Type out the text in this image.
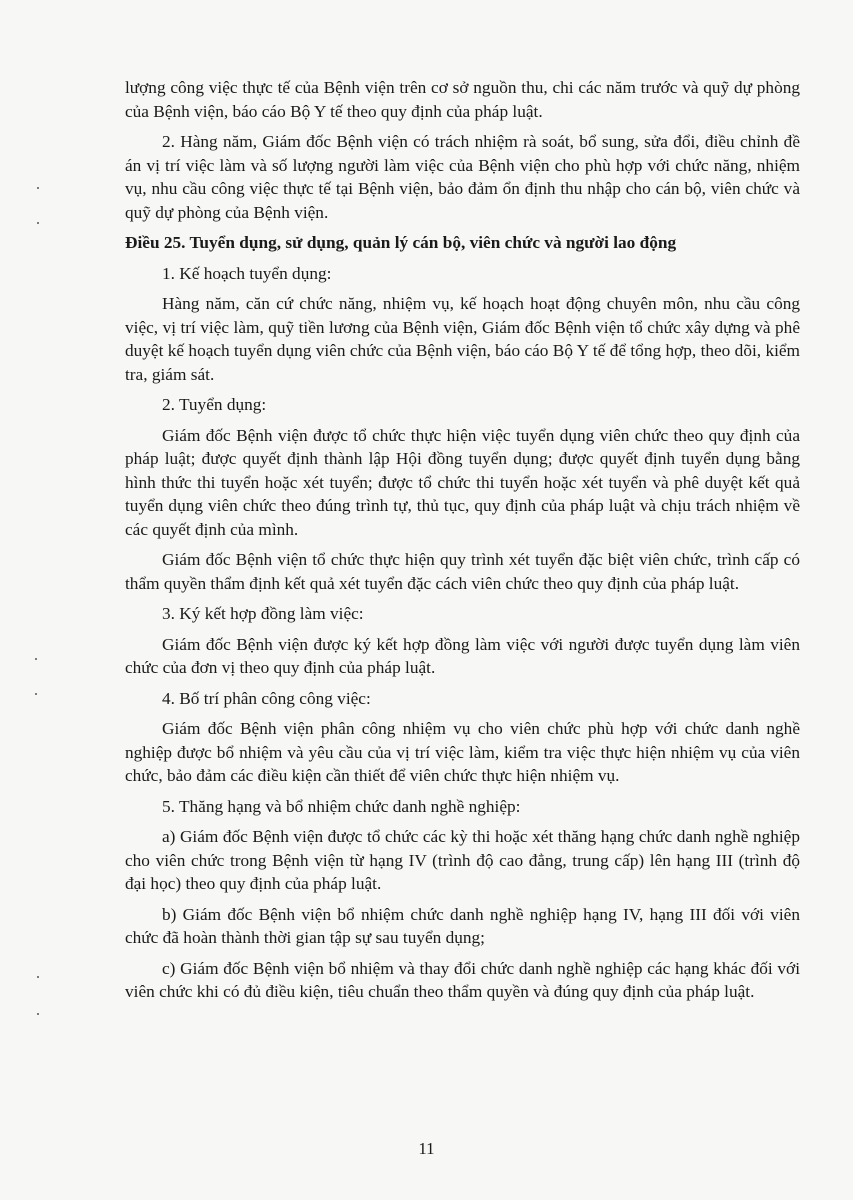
lượng công việc thực tế của Bệnh viện trên cơ sở nguồn thu, chi các năm trước và quỹ dự phòng của Bệnh viện, báo cáo Bộ Y tế theo quy định của pháp luật.

2. Hàng năm, Giám đốc Bệnh viện có trách nhiệm rà soát, bổ sung, sửa đổi, điều chỉnh đề án vị trí việc làm và số lượng người làm việc của Bệnh viện cho phù hợp với chức năng, nhiệm vụ, nhu cầu công việc thực tế tại Bệnh viện, bảo đảm ổn định thu nhập cho cán bộ, viên chức và quỹ dự phòng của Bệnh viện.

Điều 25. Tuyển dụng, sử dụng, quản lý cán bộ, viên chức và người lao động

1. Kế hoạch tuyển dụng:

Hàng năm, căn cứ chức năng, nhiệm vụ, kế hoạch hoạt động chuyên môn, nhu cầu công việc, vị trí việc làm, quỹ tiền lương của Bệnh viện, Giám đốc Bệnh viện tổ chức xây dựng và phê duyệt kế hoạch tuyển dụng viên chức của Bệnh viện, báo cáo Bộ Y tế để tổng hợp, theo dõi, kiểm tra, giám sát.

2. Tuyển dụng:

Giám đốc Bệnh viện được tổ chức thực hiện việc tuyển dụng viên chức theo quy định của pháp luật; được quyết định thành lập Hội đồng tuyển dụng; được quyết định tuyển dụng bằng hình thức thi tuyển hoặc xét tuyển; được tổ chức thi tuyển hoặc xét tuyển và phê duyệt kết quả tuyển dụng viên chức theo đúng trình tự, thủ tục, quy định của pháp luật và chịu trách nhiệm về các quyết định của mình.

Giám đốc Bệnh viện tổ chức thực hiện quy trình xét tuyển đặc biệt viên chức, trình cấp có thẩm quyền thẩm định kết quả xét tuyển đặc cách viên chức theo quy định của pháp luật.

3. Ký kết hợp đồng làm việc:

Giám đốc Bệnh viện được ký kết hợp đồng làm việc với người được tuyển dụng làm viên chức của đơn vị theo quy định của pháp luật.

4. Bố trí phân công công việc:

Giám đốc Bệnh viện phân công nhiệm vụ cho viên chức phù hợp với chức danh nghề nghiệp được bổ nhiệm và yêu cầu của vị trí việc làm, kiểm tra việc thực hiện nhiệm vụ của viên chức, bảo đảm các điều kiện cần thiết để viên chức thực hiện nhiệm vụ.

5. Thăng hạng và bổ nhiệm chức danh nghề nghiệp:

a) Giám đốc Bệnh viện được tổ chức các kỳ thi hoặc xét thăng hạng chức danh nghề nghiệp cho viên chức trong Bệnh viện từ hạng IV (trình độ cao đẳng, trung cấp) lên hạng III (trình độ đại học) theo quy định của pháp luật.

b) Giám đốc Bệnh viện bổ nhiệm chức danh nghề nghiệp hạng IV, hạng III đối với viên chức đã hoàn thành thời gian tập sự sau tuyển dụng;

c) Giám đốc Bệnh viện bổ nhiệm và thay đổi chức danh nghề nghiệp các hạng khác đối với viên chức khi có đủ điều kiện, tiêu chuẩn theo thẩm quyền và đúng quy định của pháp luật.

11
